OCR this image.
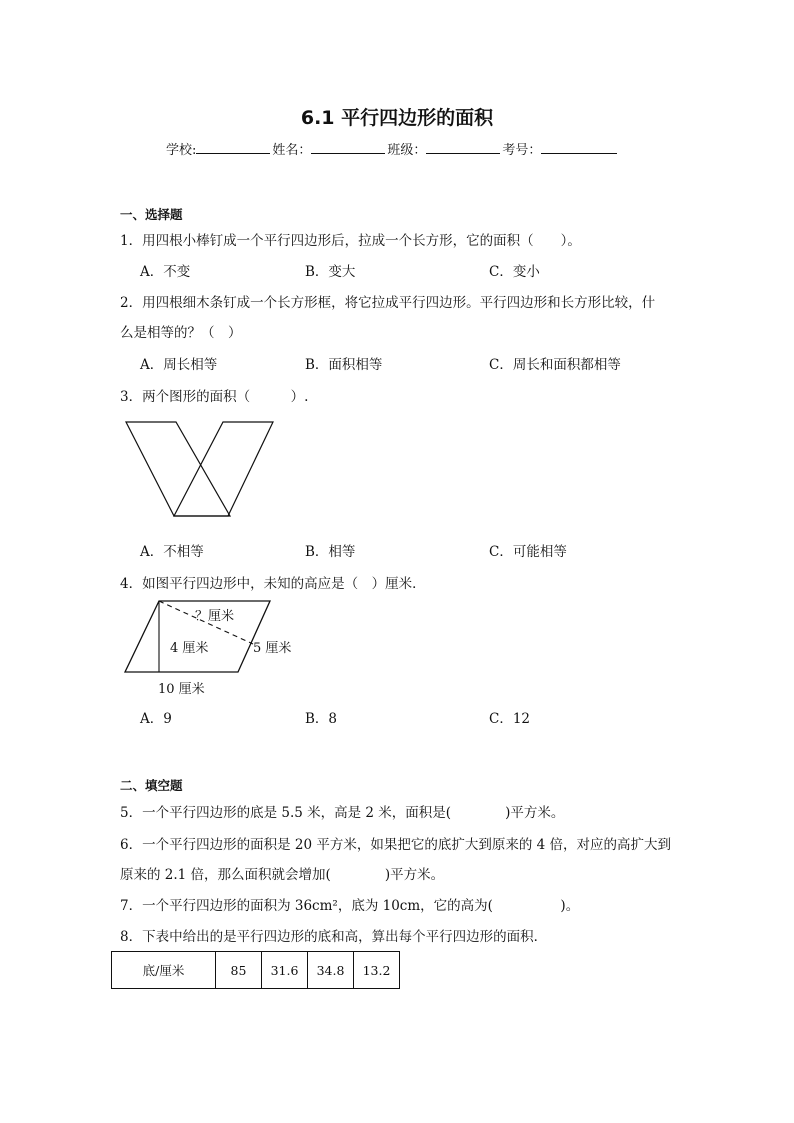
6.1 平行四边形的面积
学校:	姓名：	班级：	考号：
一、选择题
1．用四根小棒钉成一个平行四边形后，拉成一个长方形，它的面积（　　）。
A．不变	B．变大	C．变小
2．用四根细木条钉成一个长方形框，将它拉成平行四边形。平行四边形和长方形比较，什
么是相等的？（　）
A．周长相等	B．面积相等	C．周长和面积都相等
3．两个图形的面积（　　　）.
A．不相等	B．相等	C．可能相等
4．如图平行四边形中，未知的高应是（　）厘米．
？厘米
4 厘米	5 厘米
10 厘米
A．9	B．8	C．12
二、填空题
5．一个平行四边形的底是 5.5 米，高是 2 米，面积是(　　　　)平方米。
6．一个平行四边形的面积是 20 平方米，如果把它的底扩大到原来的 4 倍，对应的高扩大到
原来的 2.1 倍，那么面积就会增加(　　　　)平方米。
7．一个平行四边形的面积为 36cm²，底为 10cm，它的高为(　　　　　)。
8．下表中给出的是平行四边形的底和高，算出每个平行四边形的面积．
底/厘米	85	31.6	34.8	13.2
